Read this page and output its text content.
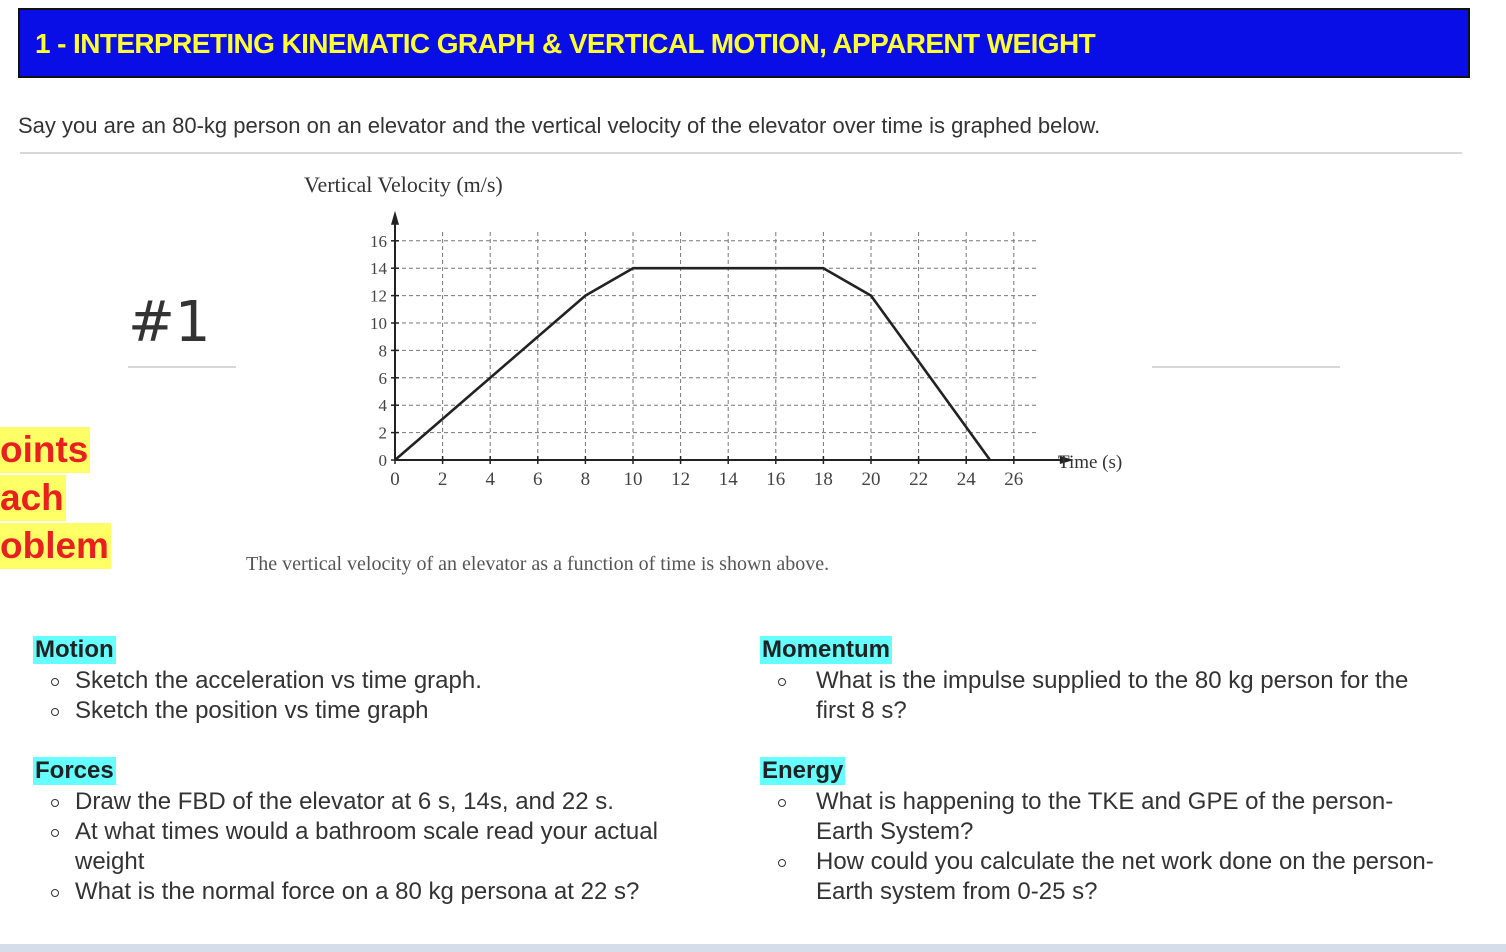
1 - INTERPRETING KINEMATIC GRAPH & VERTICAL MOTION, APPARENT WEIGHT
Say you are an 80-kg person on an elevator and the vertical velocity of the elevator over time is graphed below.
#1
oints
ach
oblem
Vertical Velocity (m/s)
0 2 4 6 8 10 12 14 16 18 20 22 24 26
0
2
4
6
8
10
12
14
16
Time (s)
The vertical velocity of an elevator as a function of time is shown above.
Motion
Sketch the acceleration vs time graph.
Sketch the position vs time graph
Forces
Draw the FBD of the elevator at 6 s, 14s, and 22 s.
At what times would a bathroom scale read your actual weight
What is the normal force on a 80 kg persona at 22 s?
Momentum
What is the impulse supplied to the 80 kg person for the first 8 s?
Energy
What is happening to the TKE and GPE of the person-Earth System?
How could you calculate the net work done on the person-Earth system from 0-25 s?
